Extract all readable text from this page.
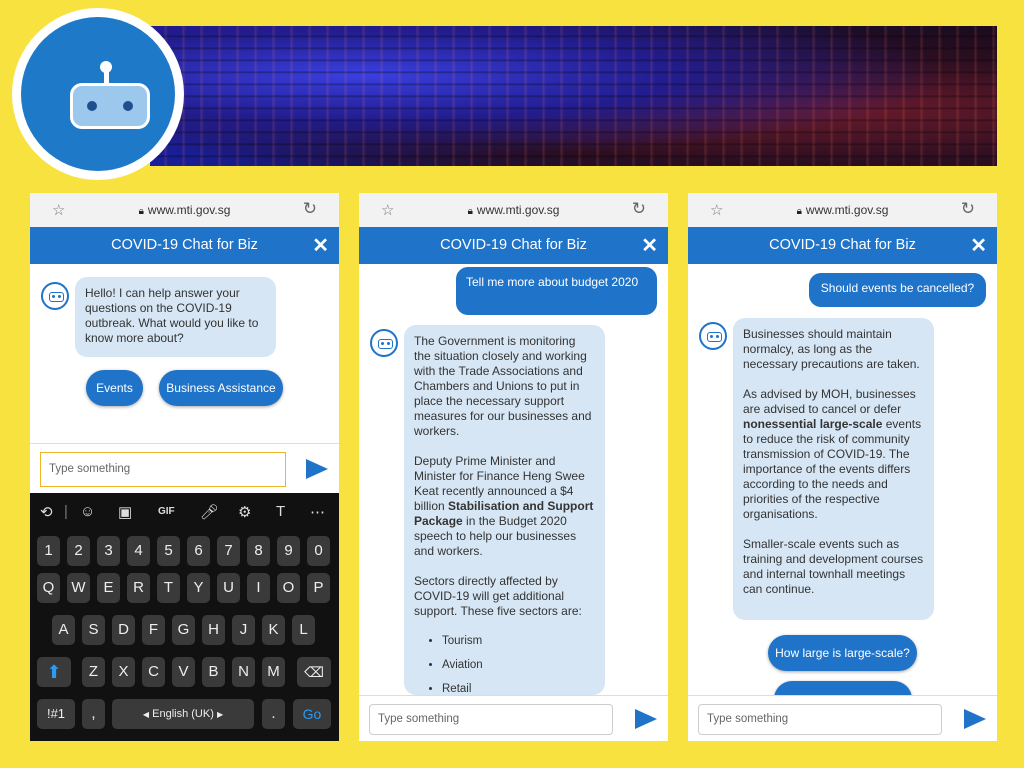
☆	🔒︎ www.mti.gov.sg	↻
COVID-19 Chat for Biz	✕
Hello! I can help answer your questions on the COVID-19 outbreak. What would you like to know more about?
Events	Business Assistance
Type something
⟲ | ☺ ▣	GIF 🎤︎ ⚙ T ⋯
1	2	3	4	5	6	7	8	9	0
Q	W	E	R	T	Y	U	I	O	P
A	S	D	F	G	H	J	K	L
⬆	Z	X	C	V	B	N	M	⌫
!#1	,	◀ English (UK) ▶	.	Go
☆	🔒︎ www.mti.gov.sg	↻
COVID-19 Chat for Biz	✕
Tell me more about budget 2020

The Government is monitoring the situation closely and working with the Trade Associations and Chambers and Unions to put in place the necessary support measures for our businesses and workers.

Deputy Prime Minister and Minister for Finance Heng Swee Keat recently announced a $4 billion Stabilisation and Support Package in the Budget 2020 speech to help our businesses and workers.

Sectors directly affected by COVID-19 will get additional support. These five sectors are:

• Tourism
• Aviation
• Retail
Type something
☆	🔒︎ www.mti.gov.sg	↻
COVID-19 Chat for Biz	✕
Should events be cancelled?

Businesses should maintain normalcy, as long as the necessary precautions are taken.

As advised by MOH, businesses are advised to cancel or defer nonessential large-scale events to reduce the risk of community transmission of COVID-19. The importance of the events differs according to the needs and priorities of the respective organisations.

Smaller-scale events such as training and development courses and internal townhall meetings can continue.

How large is large-scale?
Type something
